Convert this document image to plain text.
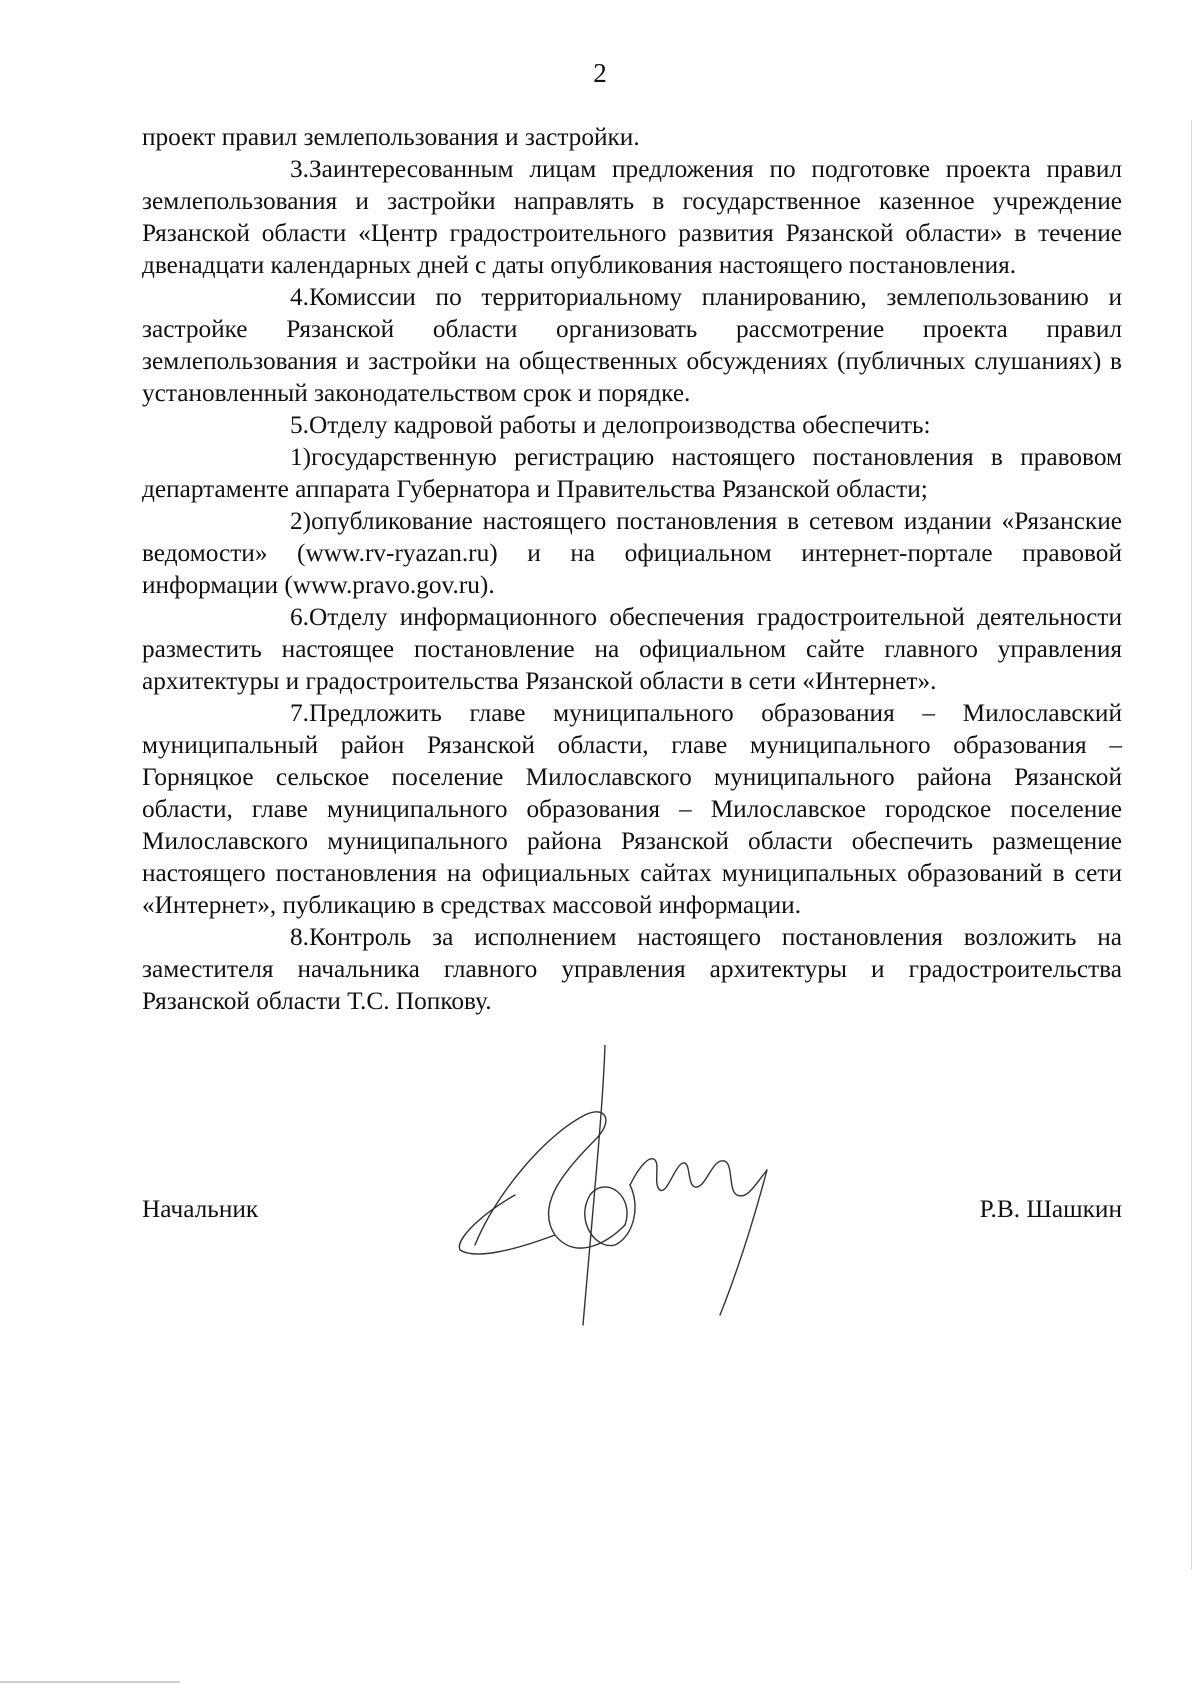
2

проект правил землепользования и застройки.

3.Заинтересованным лицам предложения по подготовке проекта правил землепользования и застройки направлять в государственное казенное учреждение Рязанской области «Центр градостроительного развития Рязанской области» в течение двенадцати календарных дней с даты опубликования настоящего постановления.

4.Комиссии по территориальному планированию, землепользованию и застройке Рязанской области организовать рассмотрение проекта правил землепользования и застройки на общественных обсуждениях (публичных слушаниях) в установленный законодательством срок и порядке.

5.Отделу кадровой работы и делопроизводства обеспечить:

1)государственную регистрацию настоящего постановления в правовом департаменте аппарата Губернатора и Правительства Рязанской области;

2)опубликование настоящего постановления в сетевом издании «Рязанские ведомости» (www.rv-ryazan.ru) и на официальном интернет-портале правовой информации (www.pravo.gov.ru).

6.Отделу информационного обеспечения градостроительной деятельности разместить настоящее постановление на официальном сайте главного управления архитектуры и градостроительства Рязанской области в сети «Интернет».

7.Предложить главе муниципального образования – Милославский муниципальный район Рязанской области, главе муниципального образования – Горняцкое сельское поселение Милославского муниципального района Рязанской области, главе муниципального образования – Милославское городское поселение Милославского муниципального района Рязанской области обеспечить размещение настоящего постановления на официальных сайтах муниципальных образований в сети «Интернет», публикацию в средствах массовой информации.

8.Контроль за исполнением настоящего постановления возложить на заместителя начальника главного управления архитектуры и градостроительства Рязанской области Т.С. Попкову.

Начальник	Р.В. Шашкин
